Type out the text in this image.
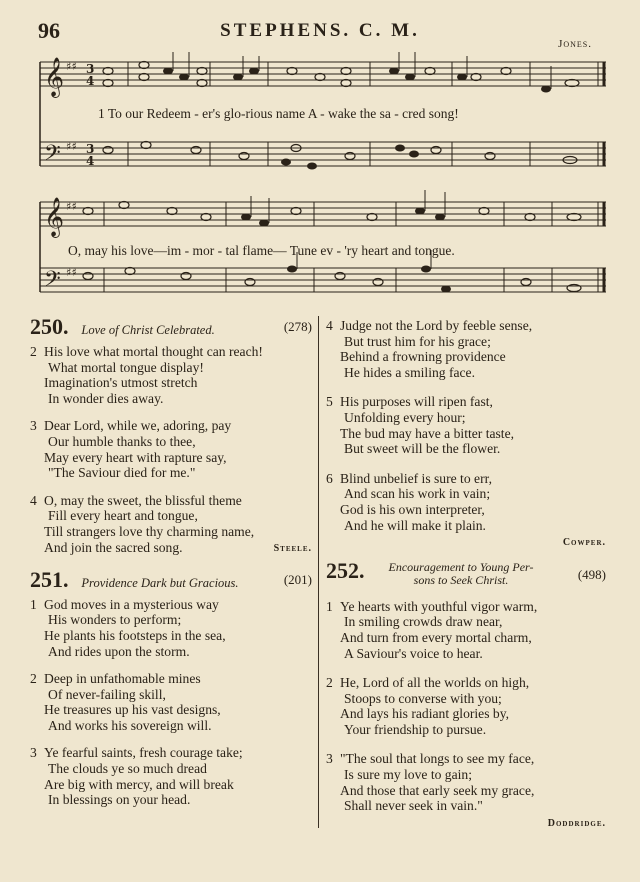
96	STEPHENS. C. M.
Jones.
𝄞
𝄢
𝄞
𝄢
♯♯
♯♯
♯♯
♯♯
3
4
3
4
1 To our Redeem - er's glo-rious name A - wake the sa - cred song!
O, may his love—im - mor - tal flame— Tune ev - 'ry heart and tongue.
250. Love of Christ Celebrated.	(278)
2 His love what mortal thought can reach!
What mortal tongue display!
Imagination's utmost stretch
In wonder dies away.
3 Dear Lord, while we, adoring, pay
Our humble thanks to thee,
May every heart with rapture say,
"The Saviour died for me."
4 O, may the sweet, the blissful theme
Fill every heart and tongue,
Till strangers love thy charming name,
And join the sacred song.	Steele.
251. Providence Dark but Gracious.	(201)
1 God moves in a mysterious way
His wonders to perform;
He plants his footsteps in the sea,
And rides upon the storm.
2 Deep in unfathomable mines
Of never-failing skill,
He treasures up his vast designs,
And works his sovereign will.
3 Ye fearful saints, fresh courage take;
The clouds ye so much dread
Are big with mercy, and will break
In blessings on your head.
4 Judge not the Lord by feeble sense,
But trust him for his grace;
Behind a frowning providence
He hides a smiling face.
5 His purposes will ripen fast,
Unfolding every hour;
The bud may have a bitter taste,
But sweet will be the flower.
6 Blind unbelief is sure to err,
And scan his work in vain;
God is his own interpreter,
And he will make it plain.
Cowper.
252.	Encouragement to Young Per-
sons to Seek Christ.	(498)
1 Ye hearts with youthful vigor warm,
In smiling crowds draw near,
And turn from every mortal charm,
A Saviour's voice to hear.
2 He, Lord of all the worlds on high,
Stoops to converse with you;
And lays his radiant glories by,
Your friendship to pursue.
3 "The soul that longs to see my face,
Is sure my love to gain;
And those that early seek my grace,
Shall never seek in vain."
Doddridge.
